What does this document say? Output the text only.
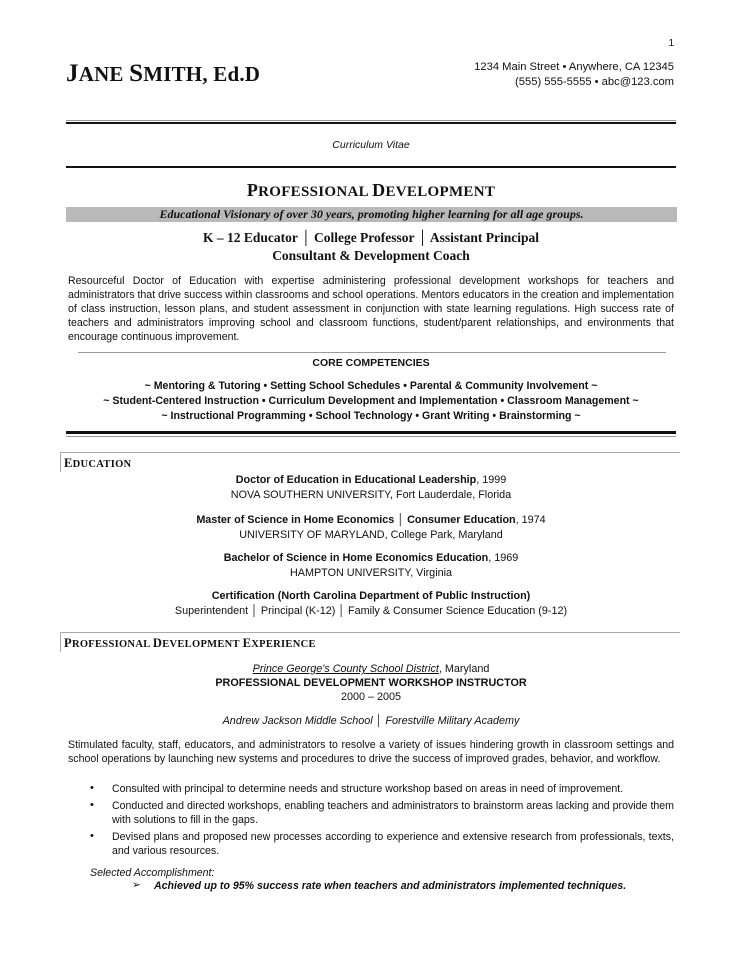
1
JANE SMITH, Ed.D	1234 Main Street • Anywhere, CA 12345
(555) 555-5555 • abc@123.com
Curriculum Vitae
PROFESSIONAL DEVELOPMENT
Educational Visionary of over 30 years, promoting higher learning for all age groups.
K – 12 Educator │ College Professor │ Assistant Principal
Consultant & Development Coach
Resourceful Doctor of Education with expertise administering professional development workshops for teachers and administrators that drive success within classrooms and school operations. Mentors educators in the creation and implementation of class instruction, lesson plans, and student assessment in conjunction with state learning regulations. High success rate of teachers and administrators improving school and classroom functions, student/parent relationships, and environments that encourage continuous improvement.
CORE COMPETENCIES
~ Mentoring & Tutoring • Setting School Schedules • Parental & Community Involvement ~
~ Student-Centered Instruction • Curriculum Development and Implementation • Classroom Management ~
~ Instructional Programming • School Technology • Grant Writing • Brainstorming ~
EDUCATION
Doctor of Education in Educational Leadership, 1999
NOVA SOUTHERN UNIVERSITY, Fort Lauderdale, Florida
Master of Science in Home Economics │ Consumer Education, 1974
UNIVERSITY OF MARYLAND, College Park, Maryland
Bachelor of Science in Home Economics Education, 1969
HAMPTON UNIVERSITY, Virginia
Certification (North Carolina Department of Public Instruction)
Superintendent │ Principal (K-12) │ Family & Consumer Science Education (9-12)
PROFESSIONAL DEVELOPMENT EXPERIENCE
Prince George's County School District, Maryland
PROFESSIONAL DEVELOPMENT WORKSHOP INSTRUCTOR
2000 – 2005
Andrew Jackson Middle School │ Forestville Military Academy
Stimulated faculty, staff, educators, and administrators to resolve a variety of issues hindering growth in classroom settings and school operations by launching new systems and procedures to drive the success of improved grades, behavior, and workflow.
• Consulted with principal to determine needs and structure workshop based on areas in need of improvement.
• Conducted and directed workshops, enabling teachers and administrators to brainstorm areas lacking and provide them with solutions to fill in the gaps.
• Devised plans and proposed new processes according to experience and extensive research from professionals, texts, and various resources.
Selected Accomplishment:
➢ Achieved up to 95% success rate when teachers and administrators implemented techniques.
